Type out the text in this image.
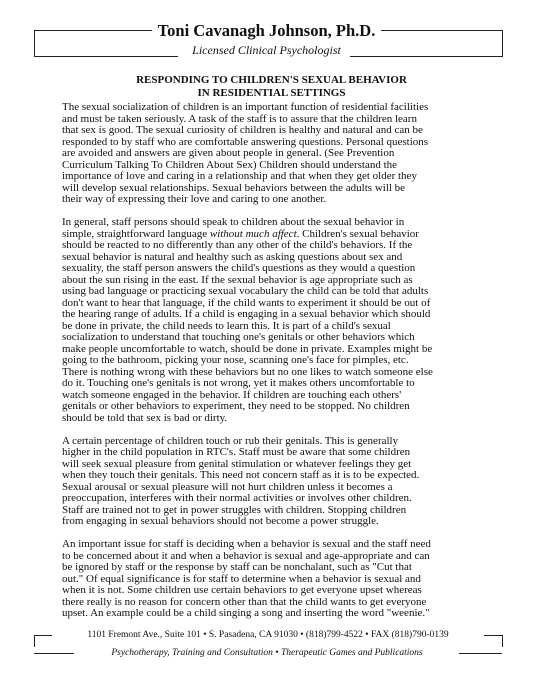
Toni Cavanagh Johnson, Ph.D.
Licensed Clinical Psychologist
RESPONDING TO CHILDREN'S SEXUAL BEHAVIOR
IN RESIDENTIAL SETTINGS
The sexual socialization of children is an important function of residential facilities
and must be taken seriously. A task of the staff is to assure that the children learn
that sex is good. The sexual curiosity of children is healthy and natural and can be
responded to by staff who are comfortable answering questions. Personal questions
are avoided and answers are given about people in general. (See Prevention
Curriculum Talking To Children About Sex) Children should understand the
importance of love and caring in a relationship and that when they get older they
will develop sexual relationships. Sexual behaviors between the adults will be
their way of expressing their love and caring to one another.
In general, staff persons should speak to children about the sexual behavior in
simple, straightforward language without much affect. Children's sexual behavior
should be reacted to no differently than any other of the child's behaviors. If the
sexual behavior is natural and healthy such as asking questions about sex and
sexuality, the staff person answers the child's questions as they would a question
about the sun rising in the east. If the sexual behavior is age appropriate such as
using bad language or practicing sexual vocabulary the child can be told that adults
don't want to hear that language, if the child wants to experiment it should be out of
the hearing range of adults. If a child is engaging in a sexual behavior which should
be done in private, the child needs to learn this. It is part of a child's sexual
socialization to understand that touching one's genitals or other behaviors which
make people uncomfortable to watch, should be done in private. Examples might be
going to the bathroom, picking your nose, scanning one's face for pimples, etc.
There is nothing wrong with these behaviors but no one likes to watch someone else
do it. Touching one's genitals is not wrong, yet it makes others uncomfortable to
watch someone engaged in the behavior. If children are touching each others'
genitals or other behaviors to experiment, they need to be stopped. No children
should be told that sex is bad or dirty.
A certain percentage of children touch or rub their genitals. This is generally
higher in the child population in RTC's. Staff must be aware that some children
will seek sexual pleasure from genital stimulation or whatever feelings they get
when they touch their genitals. This need not concern staff as it is to be expected.
Sexual arousal or sexual pleasure will not hurt children unless it becomes a
preoccupation, interferes with their normal activities or involves other children.
Staff are trained not to get in power struggles with children. Stopping children
from engaging in sexual behaviors should not become a power struggle.
An important issue for staff is deciding when a behavior is sexual and the staff need
to be concerned about it and when a behavior is sexual and age-appropriate and can
be ignored by staff or the response by staff can be nonchalant, such as "Cut that
out." Of equal significance is for staff to determine when a behavior is sexual and
when it is not. Some children use certain behaviors to get everyone upset whereas
there really is no reason for concern other than that the child wants to get everyone
upset. An example could be a child singing a song and inserting the word "weenie."
1101 Fremont Ave., Suite 101 • S. Pasadena, CA 91030 • (818)799-4522 • FAX (818)790-0139
Psychotherapy, Training and Consultation • Therapeutic Games and Publications
